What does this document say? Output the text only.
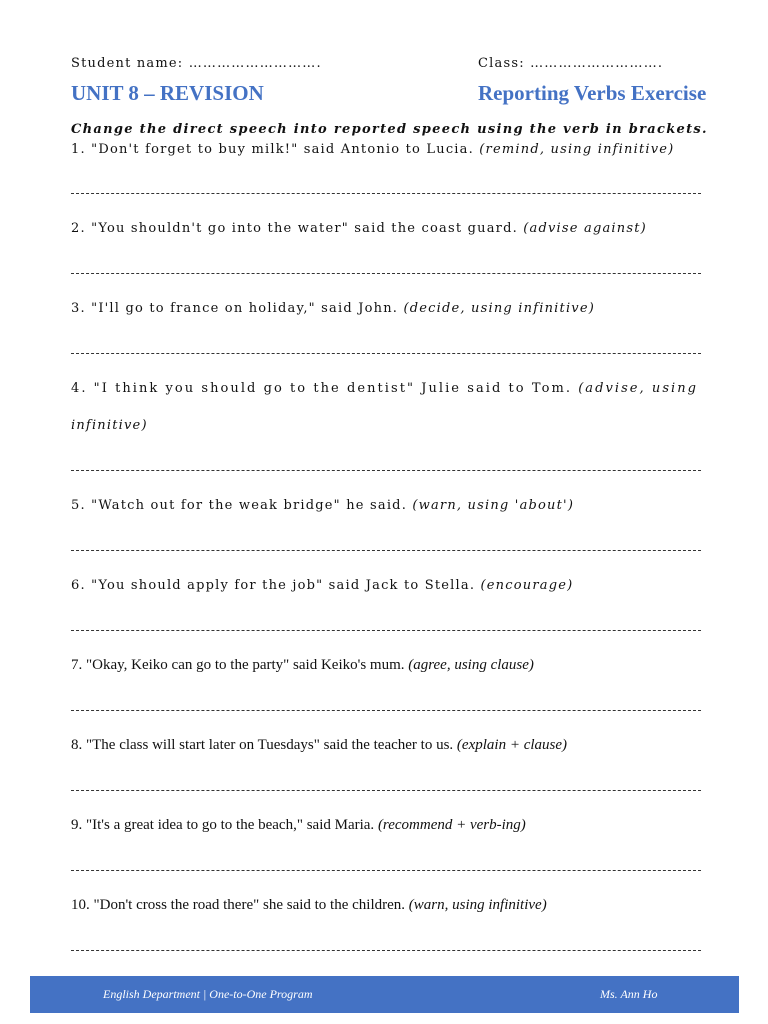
Student name: ……………………….	Class: ……………………….
UNIT 8 – REVISION	Reporting Verbs Exercise
Change the direct speech into reported speech using the verb in brackets.
1. "Don't forget to buy milk!" said Antonio to Lucia. (remind, using infinitive)
2. "You shouldn't go into the water" said the coast guard. (advise against)
3. "I'll go to france on holiday," said John. (decide, using infinitive)
4. "I think you should go to the dentist" Julie said to Tom. (advise, using
infinitive)
5. "Watch out for the weak bridge" he said. (warn, using 'about')
6. "You should apply for the job" said Jack to Stella. (encourage)
7. "Okay, Keiko can go to the party" said Keiko's mum. (agree, using clause)
8. "The class will start later on Tuesdays" said the teacher to us. (explain + clause)
9. "It's a great idea to go to the beach," said Maria. (recommend + verb-ing)
10. "Don't cross the road there" she said to the children. (warn, using infinitive)
English Department | One-to-One Program	Ms. Ann Ho
